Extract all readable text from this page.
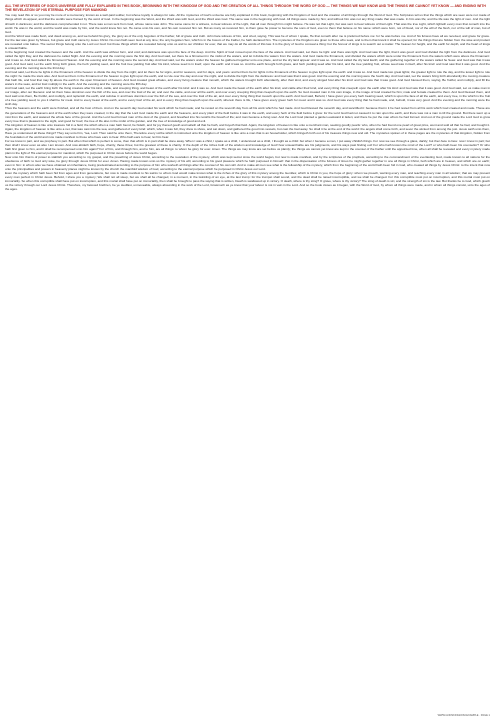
ALL THE MYSTERIES OF GOD'S UNIVERSE ARE FULLY EXPLAINED IN THIS BOOK, BEGINNING WITH THE KINGDOM OF GOD AND THE CREATION OF ALL THINGS THROUGH THE WORD OF GOD — THE THINGS WE MAY KNOW AND THE THINGS WE CANNOT YET KNOW — AND ENDING WITH THE REVELATION OF HIS ETERNAL PURPOSE FOR MANKIND

You may read this or so you may be more of a mercenary, known as a well-paid soldier, but whose loyalty is always for sale. All the mysteries of God's universe are fully explained in this book, beginning with the Kingdom of God and the creation of all things through the Word of God. The Scriptures tell us that the things which are seen were not made of things which do appear, and that the worlds were framed by the word of God. In the beginning was the Word, and the Word was with God, and the Word was God. The same was in the beginning with God. All things were made by him; and without him was not any thing made that was made. In him was life; and the life was the light of men. And the light shineth in darkness; and the darkness comprehended it not. There was a man sent from God, whose name was John. The same came for a witness, to bear witness of the Light, that all men through him might believe. He was not that Light, but was sent to bear witness of that Light. That was the true Light, which lighteth every man that cometh into the world. He was in the world, and the world was made by him, and the world knew him not. He came unto his own, and his own received him not. But as many as received him, to them gave he power to become the sons of God, even to them that believe on his name: which were born, not of blood, nor of the will of the flesh, nor of the will of man, but of God.

And the Word was made flesh, and dwelt among us, and we beheld his glory, the glory as of the only begotten of the Father, full of grace and truth. John bare witness of him, and cried, saying, This was he of whom I spake, He that cometh after me is preferred before me: for he was before me. And of his fulness have all we received, and grace for grace. For the law was given by Moses, but grace and truth came by Jesus Christ. No man hath seen God at any time; the only begotten Son, which is in the bosom of the Father, he hath declared him. The mysteries of the Kingdom are given to those who seek, and to them that knock it shall be opened; for the things that are hidden from the wise and prudent are revealed unto babes. The secret things belong unto the Lord our God: but those things which are revealed belong unto us and to our children for ever, that we may do all the words of this law. It is the glory of God to conceal a thing: but the honour of kings is to search out a matter. The heaven for height, and the earth for depth, and the heart of kings is unsearchable.

In the beginning God created the heaven and the earth. And the earth was without form, and void; and darkness was upon the face of the deep. And the Spirit of God moved upon the face of the waters. And God said, Let there be light: and there was light. And God saw the light, that it was good: and God divided the light from the darkness. And God called the light Day, and the darkness he called Night. And the evening and the morning were the first day. And God said, Let there be a firmament in the midst of the waters, and let it divide the waters from the waters. And God made the firmament, and divided the waters which were under the firmament from the waters which were above the firmament: and it was so. And God called the firmament Heaven. And the evening and the morning were the second day. And God said, Let the waters under the heaven be gathered together unto one place, and let the dry land appear: and it was so. And God called the dry land Earth; and the gathering together of the waters called he Seas: and God saw that it was good. And God said, Let the earth bring forth grass, the herb yielding seed, and the fruit tree yielding fruit after his kind, whose seed is in itself, upon the earth: and it was so. And the earth brought forth grass, and herb yielding seed after his kind, and the tree yielding fruit, whose seed was in itself, after his kind: and God saw that it was good. And the evening and the morning were the third day.

And God said, Let there be lights in the firmament of the heaven to divide the day from the night; and let them be for signs, and for seasons, and for days, and years: and let them be for lights in the firmament of the heaven to give light upon the earth: and it was so. And God made two great lights; the greater light to rule the day, and the lesser light to rule the night: he made the stars also. And God set them in the firmament of the heaven to give light upon the earth, and to rule over the day and over the night, and to divide the light from the darkness: and God saw that it was good. And the evening and the morning were the fourth day. And God said, Let the waters bring forth abundantly the moving creature that hath life, and fowl that may fly above the earth in the open firmament of heaven. And God created great whales, and every living creature that moveth, which the waters brought forth abundantly, after their kind, and every winged fowl after his kind: and God saw that it was good. And God blessed them, saying, Be fruitful, and multiply, and fill the waters in the seas, and let fowl multiply in the earth. And the evening and the morning were the fifth day.

And God said, Let the earth bring forth the living creature after his kind, cattle, and creeping thing, and beast of the earth after his kind: and it was so. And God made the beast of the earth after his kind, and cattle after their kind, and every thing that creepeth upon the earth after his kind: and God saw that it was good. And God said, Let us make man in our image, after our likeness: and let them have dominion over the fish of the sea, and over the fowl of the air, and over the cattle, and over all the earth, and over every creeping thing that creepeth upon the earth. So God created man in his own image, in the image of God created he him; male and female created he them. And God blessed them, and God said unto them, Be fruitful, and multiply, and replenish the earth, and subdue it: and have dominion over the fish of the sea, and over the fowl of the air, and over every living thing that moveth upon the earth. And God said, Behold, I have given you every herb bearing seed, which is upon the face of all the earth, and every tree, in the which is the fruit of a tree yielding seed; to you it shall be for meat. And to every beast of the earth, and to every fowl of the air, and to every thing that creepeth upon the earth, wherein there is life, I have given every green herb for meat: and it was so. And God saw every thing that he had made, and, behold, it was very good. And the evening and the morning were the sixth day.

Thus the heavens and the earth were finished, and all the host of them. And on the seventh day God ended his work which he had made; and he rested on the seventh day from all his work which he had made. And God blessed the seventh day, and sanctified it: because that in it he had rested from all his work which God created and made. These are the generations of the heavens and of the earth when they were created, in the day that the Lord God made the earth and the heavens, and every plant of the field before it was in the earth, and every herb of the field before it grew: for the Lord God had not caused it to rain upon the earth, and there was not a man to till the ground. But there went up a mist from the earth, and watered the whole face of the ground. And the Lord God formed man of the dust of the ground, and breathed into his nostrils the breath of life; and man became a living soul. And the Lord God planted a garden eastward in Eden; and there he put the man whom he had formed. And out of the ground made the Lord God to grow every tree that is pleasant to the sight, and good for food; the tree of life also in the midst of the garden, and the tree of knowledge of good and evil.

The kingdom of heaven is like unto treasure hid in a field; the which when a man hath found, he hideth, and for joy thereof goeth and selleth all that he hath, and buyeth that field. Again, the kingdom of heaven is like unto a merchant man, seeking goodly pearls: who, when he had found one pearl of great price, went and sold all that he had, and bought it. Again, the kingdom of heaven is like unto a net, that was cast into the sea, and gathered of every kind: which, when it was full, they drew to shore, and sat down, and gathered the good into vessels, but cast the bad away. So shall it be at the end of the world: the angels shall come forth, and sever the wicked from among the just. Jesus saith unto them, Have ye understood all these things? They say unto him, Yea, Lord. Then said he unto them, Therefore every scribe which is instructed unto the kingdom of heaven is like unto a man that is an householder, which bringeth forth out of his treasure things new and old. The mysteries spoken of in these pages are the mysteries of that kingdom, hidden from the foundation of the world and now made manifest to those who have ears to hear. Who hath ears to hear, let him hear.

For we know in part, and we prophesy in part. But when that which is perfect is come, then that which is in part shall be done away. When I was a child, I spake as a child, I understood as a child, I thought as a child: but when I became a man, I put away childish things. For now we see through a glass, darkly; but then face to face: now I know in part; but then shall I know even as also I am known. And now abideth faith, hope, charity, these three; but the greatest of these is charity. O the depth of the riches both of the wisdom and knowledge of God! how unsearchable are his judgments, and his ways past finding out! For who hath known the mind of the Lord? or who hath been his counsellor? Or who hath first given to him, and it shall be recompensed unto him again? For of him, and through him, and to him, are all things: to whom be glory for ever. Amen. The things we may know are set before us plainly; the things we cannot yet know are kept in the counsel of the Father until the appointed time, when all shall be revealed and every mystery made plain in the light of His eternal purpose for mankind, which He purposed in Christ Jesus before the world began.

Now unto him that is of power to stablish you according to my gospel, and the preaching of Jesus Christ, according to the revelation of the mystery, which was kept secret since the world began, but now is made manifest, and by the scriptures of the prophets, according to the commandment of the everlasting God, made known to all nations for the obedience of faith: to God only wise, be glory through Jesus Christ for ever. Amen. Having made known unto us the mystery of his will, according to his good pleasure which he hath purposed in himself: that in the dispensation of the fulness of times he might gather together in one all things in Christ, both which are in heaven, and which are on earth; even in him: in whom also we have obtained an inheritance, being predestinated according to the purpose of him who worketh all things after the counsel of his own will. And to make all men see what is the fellowship of the mystery, which from the beginning of the world hath been hid in God, who created all things by Jesus Christ: to the intent that now unto the principalities and powers in heavenly places might be known by the church the manifold wisdom of God, according to the eternal purpose which he purposed in Christ Jesus our Lord.

Even the mystery which hath been hid from ages and from generations, but now is made manifest to his saints: to whom God would make known what is the riches of the glory of this mystery among the Gentiles; which is Christ in you, the hope of glory: whom we preach, warning every man, and teaching every man in all wisdom; that we may present every man perfect in Christ Jesus. Behold, I shew you a mystery; We shall not all sleep, but we shall all be changed, in a moment, in the twinkling of an eye, at the last trump: for the trumpet shall sound, and the dead shall be raised incorruptible, and we shall be changed. For this corruptible must put on incorruption, and this mortal must put on immortality. So when this corruptible shall have put on incorruption, and this mortal shall have put on immortality, then shall be brought to pass the saying that is written, Death is swallowed up in victory. O death, where is thy sting? O grave, where is thy victory? The sting of death is sin; and the strength of sin is the law. But thanks be to God, which giveth us the victory through our Lord Jesus Christ. Therefore, my beloved brethren, be ye stedfast, unmoveable, always abounding in the work of the Lord, forasmuch as ye know that your labour is not in vain in the Lord. And so the book closes as it began, with the Word of God, by whom all things were made, and in whom all things consist, unto the ages of the ages.

WWW.GODSKINGDOM.EXAMPLE · PAGE 1
